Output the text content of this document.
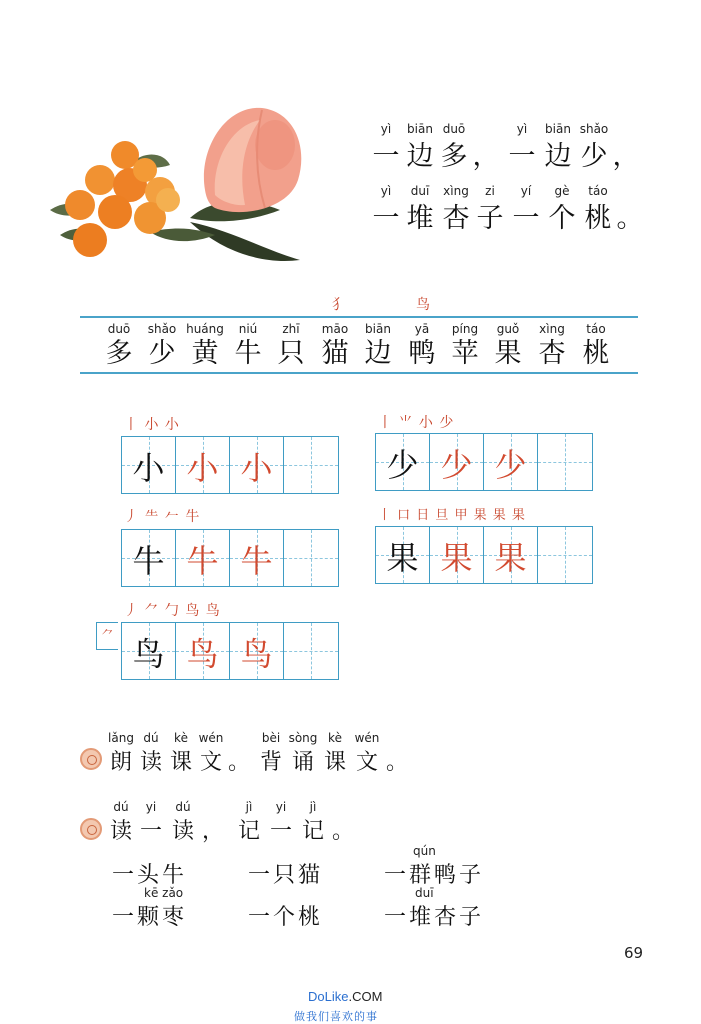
yì
一
biān
边
duō
多 ，
yì
一
biān
边
shǎo
少 ，
yì
一
duī
堆
xìng
杏
zi
子
yí
一
gè
个
táo
桃 。
犭	鸟
duō
多
shǎo
少
huáng
黄
niú
牛
zhī
只
māo
猫
biān
边
yā
鸭
píng
苹
guǒ
果
xìng
杏
táo
桃
丨 小 小
小 小 小
丨 ⺌ 小 少
少 少 少
丿 ⺧ 𠂉 牛
牛 牛 牛
丨 口 日 旦 甲 果 果 果
果 果 果
丿 ⺈ 勹 鸟 鸟
⺈ 鸟 鸟 鸟
lǎng
朗
dú
读
kè
课
wén
文 。
bèi
背
sòng
诵
kè
课
wén
文 。
dú
读
yi
一
dú
读 ，
jì
记
yi
一
jì
记 。
qún
一头牛	一只猫	一群鸭子
kē zǎo	duī
一颗枣	一个桃	一堆杏子
69
DoLike.COM
做我们喜欢的事
